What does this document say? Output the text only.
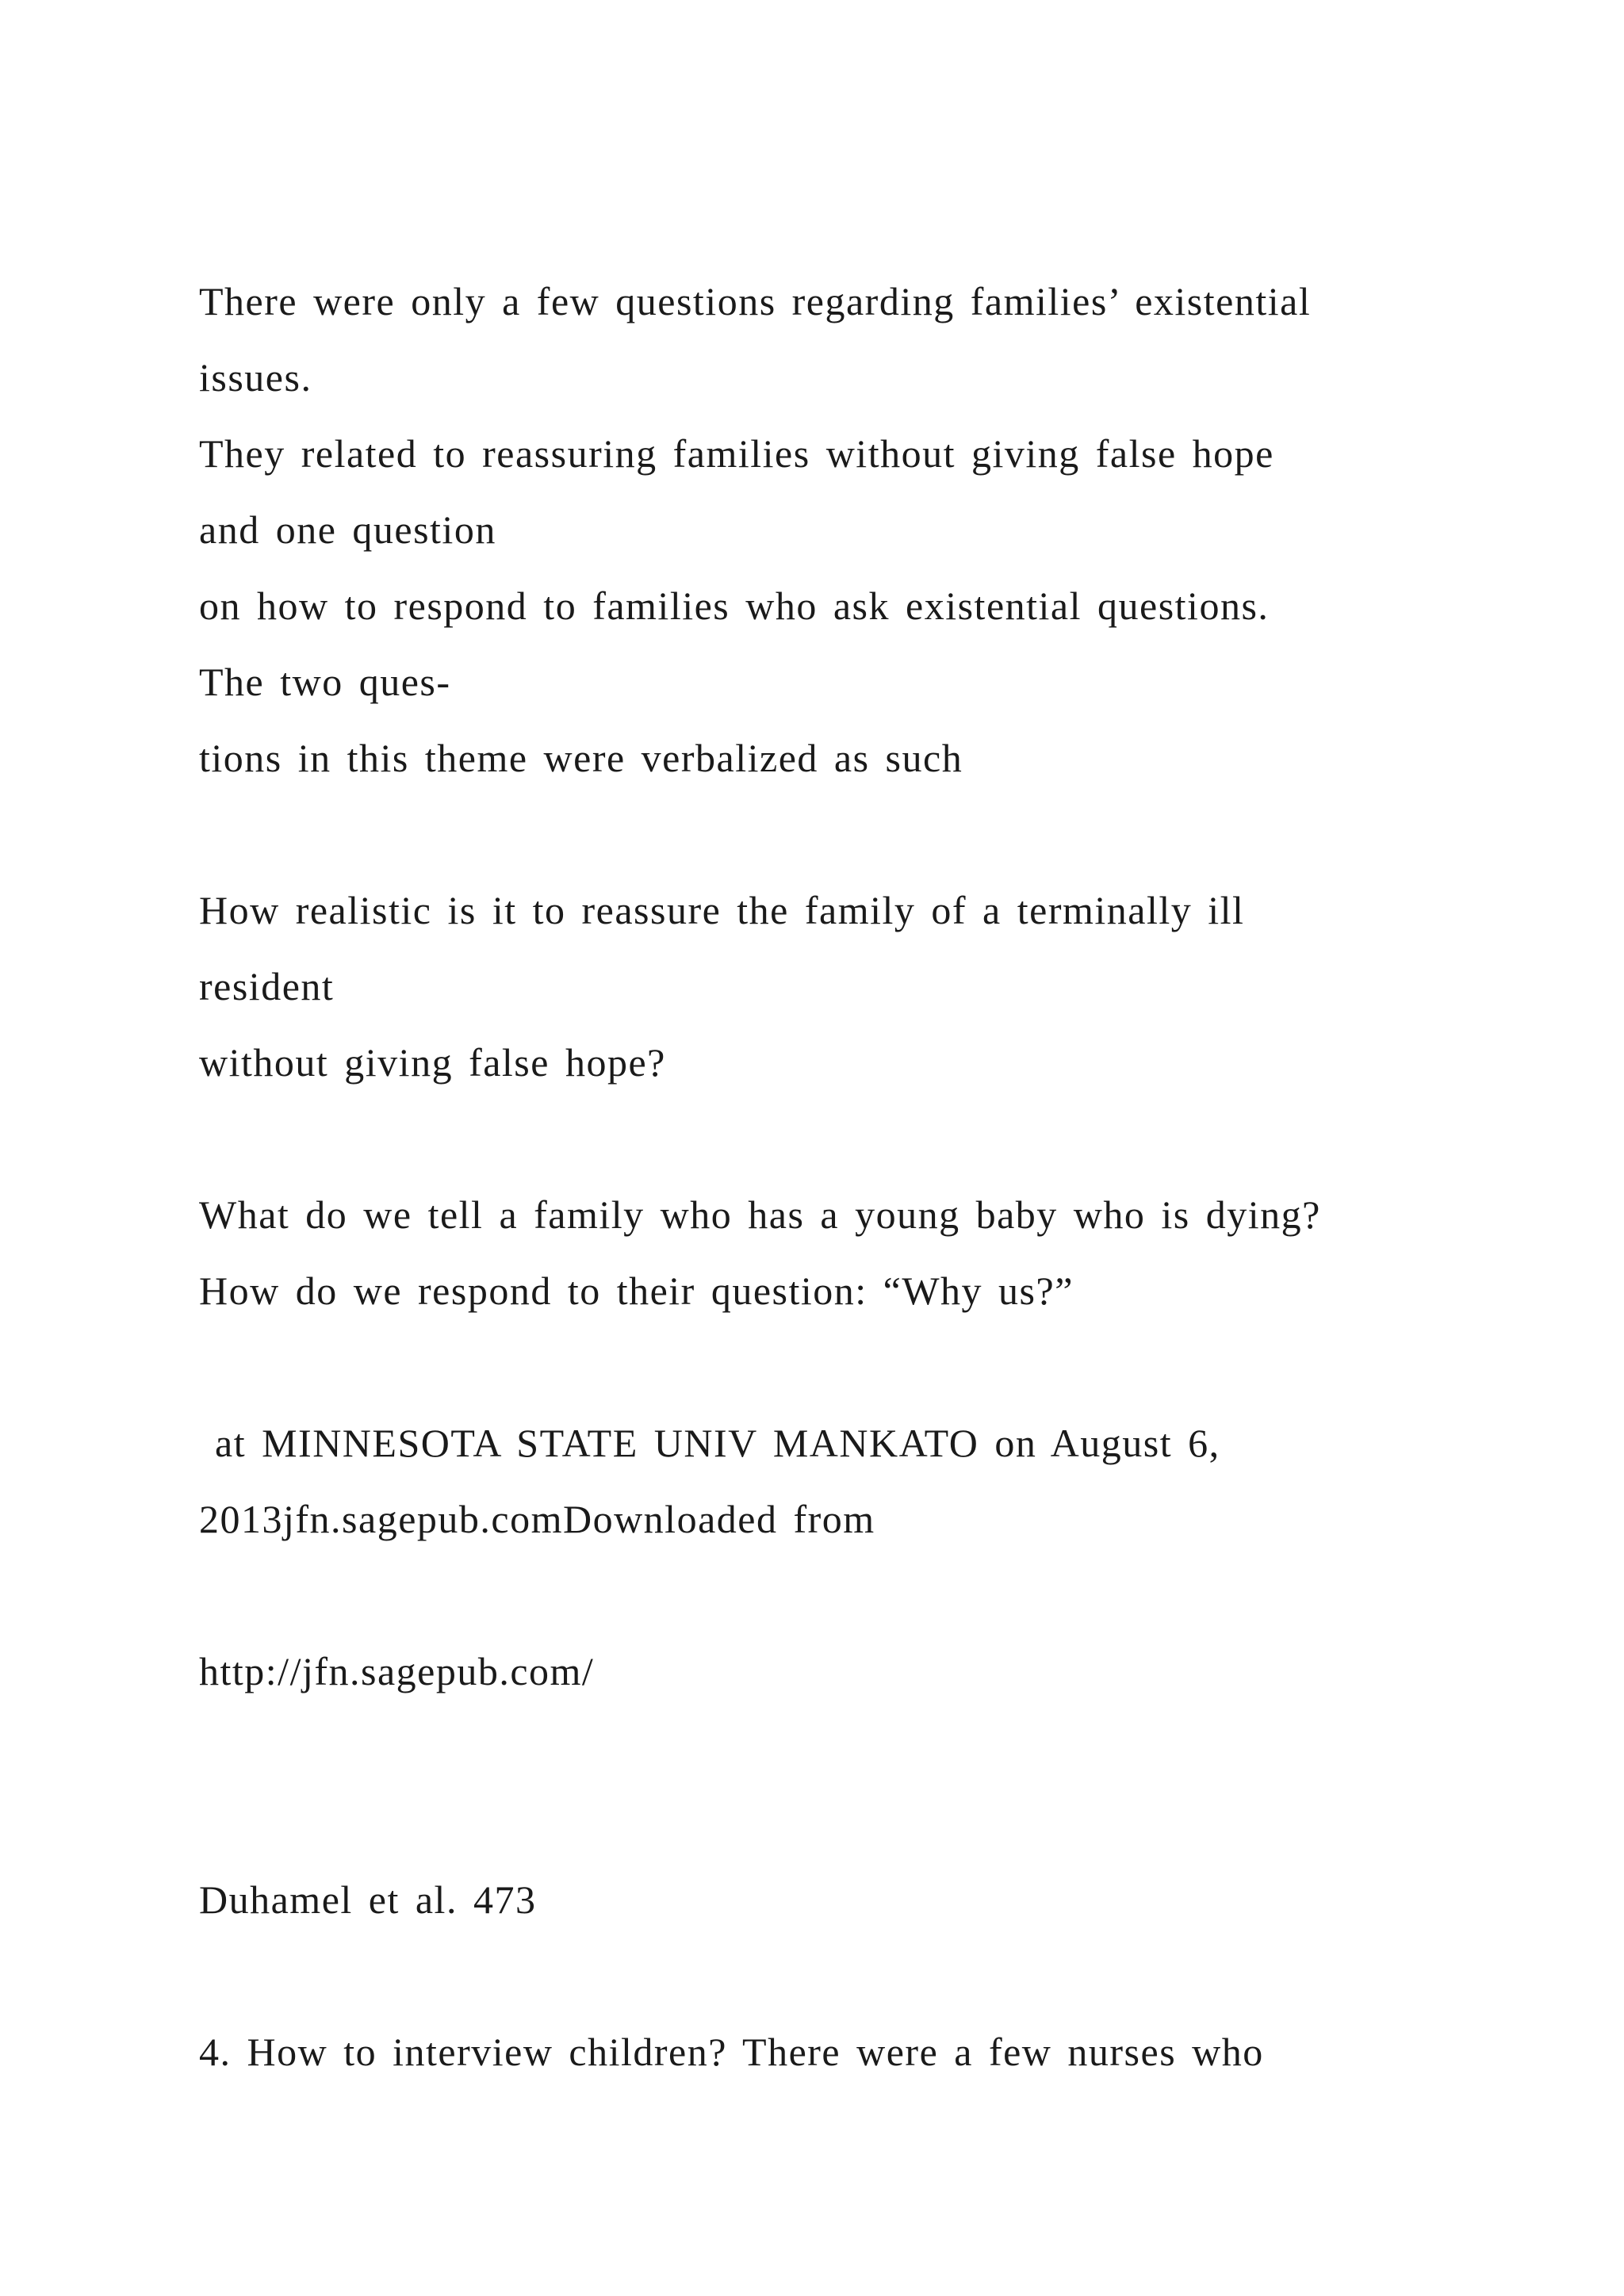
There were only a few questions regarding families’ existential
issues.
They related to reassuring families without giving false hope
and one question
on how to respond to families who ask existential questions.
The two ques-
tions in this theme were verbalized as such
How realistic is it to reassure the family of a terminally ill
resident
without giving false hope?
What do we tell a family who has a young baby who is dying?
How do we respond to their question: “Why us?”
at MINNESOTA STATE UNIV MANKATO on August 6,
2013jfn.sagepub.comDownloaded from
http://jfn.sagepub.com/
Duhamel et al. 473
4. How to interview children? There were a few nurses who
